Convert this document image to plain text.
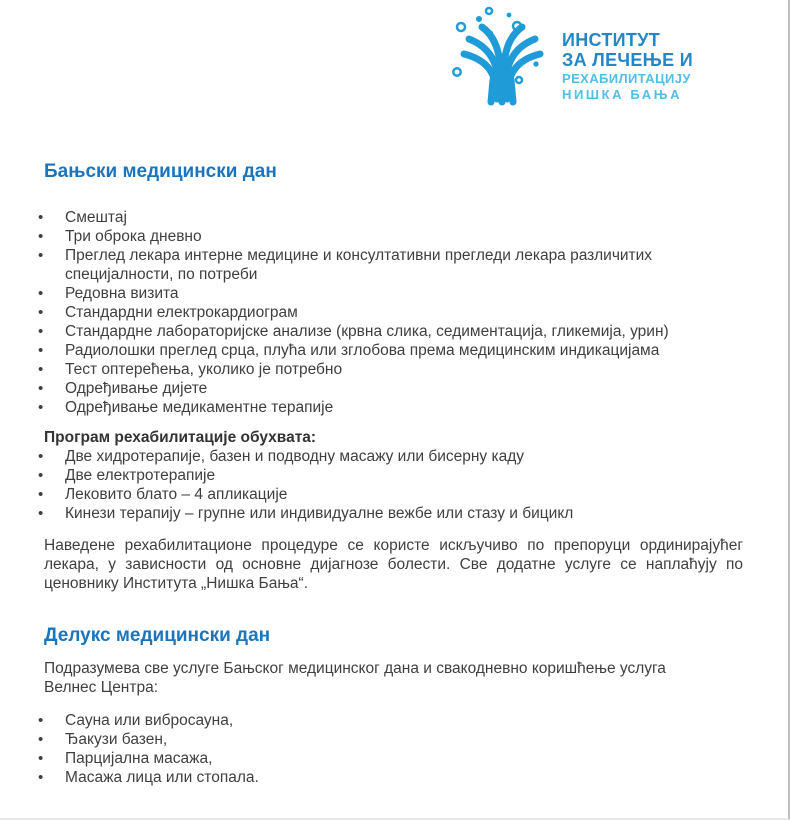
ИНСТИТУТ
ЗА ЛЕЧЕЊЕ И
РЕХАБИЛИТАЦИЈУ
НИШКА БАЊА
Бањски медицински дан
• Смештај
• Три оброка дневно
• Преглед лекара интерне медицине и консултативни прегледи лекара различитих специјалности, по потреби
• Редовна визита
• Стандардни електрокардиограм
• Стандардне лабораторијске анализе (крвна слика, седиментација, гликемија, урин)
• Радиолошки преглед срца, плућа или зглобова према медицинским индикацијама
• Тест оптерећења, уколико је потребно
• Одређивање дијете
• Одређивање медикаментне терапије

Програм рехабилитације обухвата:

• Две хидротерапије, базен и подводну масажу или бисерну каду
• Две електротерапије
• Лековито блато – 4 апликације
• Кинези терапију – групне или индивидуалне вежбе или стазу и бицикл

Наведене рехабилитационе процедуре се користе искључиво по препоруци ординирајућег лекара, у зависности од основне дијагнозе болести. Све додатне услуге се наплаћују по ценовнику Института „Нишка Бања“.

Делукс медицински дан

Подразумева све услуге Бањског медицинског дана и свакодневно коришћење услуга Велнес Центра:

• Сауна или вибросауна,
• Ђакузи базен,
• Парцијална масажа,
• Масажа лица или стопала.
